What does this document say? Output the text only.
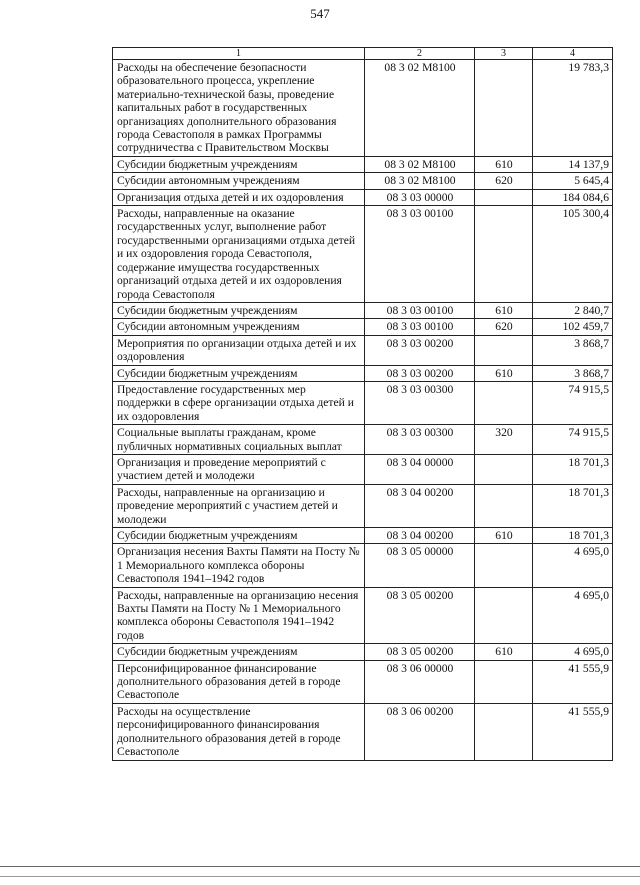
547
1	2	3	4
Расходы на обеспечение безопасности образовательного процесса, укрепление материально-технической базы, проведение капитальных работ в государственных организациях дополнительного образования города Севастополя в рамках Программы сотрудничества с Правительством Москвы	08 3 02 M8100		19 783,3
Субсидии бюджетным учреждениям	08 3 02 M8100	610	14 137,9
Субсидии автономным учреждениям	08 3 02 M8100	620	5 645,4
Организация отдыха детей и их оздоровления	08 3 03 00000		184 084,6
Расходы, направленные на оказание государственных услуг, выполнение работ государственными организациями отдыха детей и их оздоровления города Севастополя, содержание имущества государственных организаций отдыха детей и их оздоровления города Севастополя	08 3 03 00100		105 300,4
Субсидии бюджетным учреждениям	08 3 03 00100	610	2 840,7
Субсидии автономным учреждениям	08 3 03 00100	620	102 459,7
Мероприятия по организации отдыха детей и их оздоровления	08 3 03 00200		3 868,7
Субсидии бюджетным учреждениям	08 3 03 00200	610	3 868,7
Предоставление государственных мер поддержки в сфере организации отдыха детей и их оздоровления	08 3 03 00300		74 915,5
Социальные выплаты гражданам, кроме публичных нормативных социальных выплат	08 3 03 00300	320	74 915,5
Организация и проведение мероприятий с участием детей и молодежи	08 3 04 00000		18 701,3
Расходы, направленные на организацию и проведение мероприятий с участием детей и молодежи	08 3 04 00200		18 701,3
Субсидии бюджетным учреждениям	08 3 04 00200	610	18 701,3
Организация несения Вахты Памяти на Посту № 1 Мемориального комплекса обороны Севастополя 1941–1942 годов	08 3 05 00000		4 695,0
Расходы, направленные на организацию несения Вахты Памяти на Посту № 1 Мемориального комплекса обороны Севастополя 1941–1942 годов	08 3 05 00200		4 695,0
Субсидии бюджетным учреждениям	08 3 05 00200	610	4 695,0
Персонифицированное финансирование дополнительного образования детей в городе Севастополе	08 3 06 00000		41 555,9
Расходы на осуществление персонифицированного финансирования дополнительного образования детей в городе Севастополе	08 3 06 00200		41 555,9
